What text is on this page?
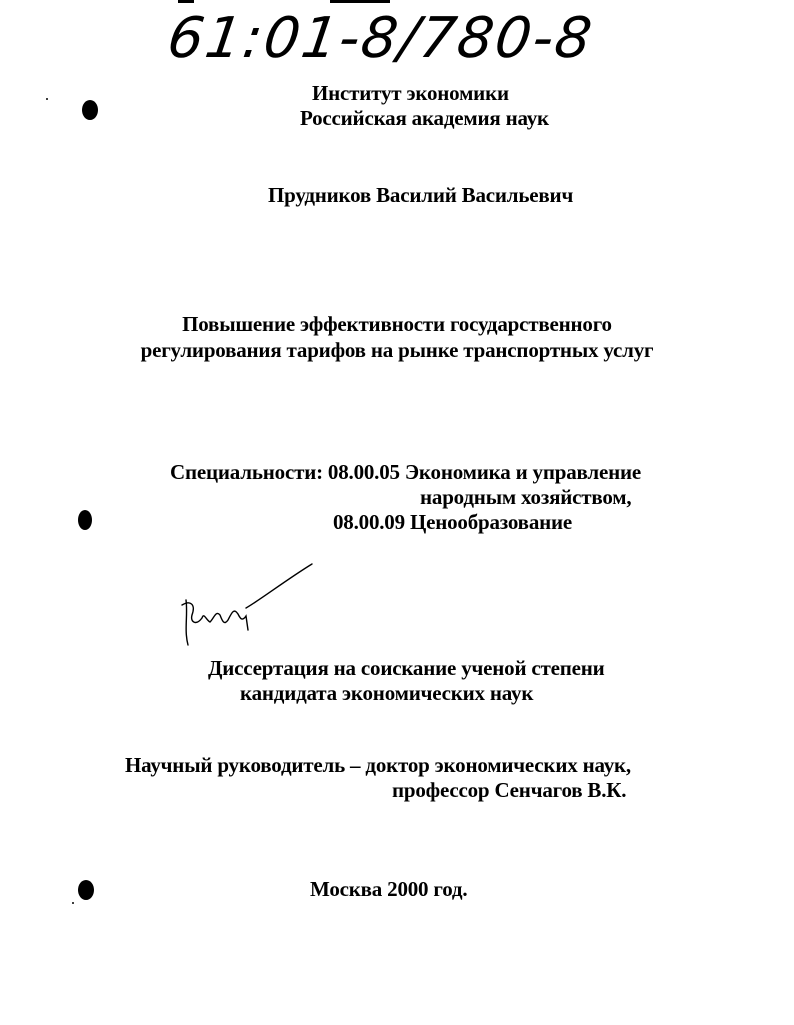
61:01-8/780-8
Институт экономики
Российская академия наук
Прудников Василий Васильевич
Повышение эффективности государственного
регулирования тарифов на рынке транспортных услуг
Специальности: 08.00.05 Экономика и управление
народным хозяйством,
08.00.09 Ценообразование
Диссертация на соискание ученой степени
кандидата экономических наук
Научный руководитель – доктор экономических наук,
профессор Сенчагов В.К.
Москва 2000 год.
